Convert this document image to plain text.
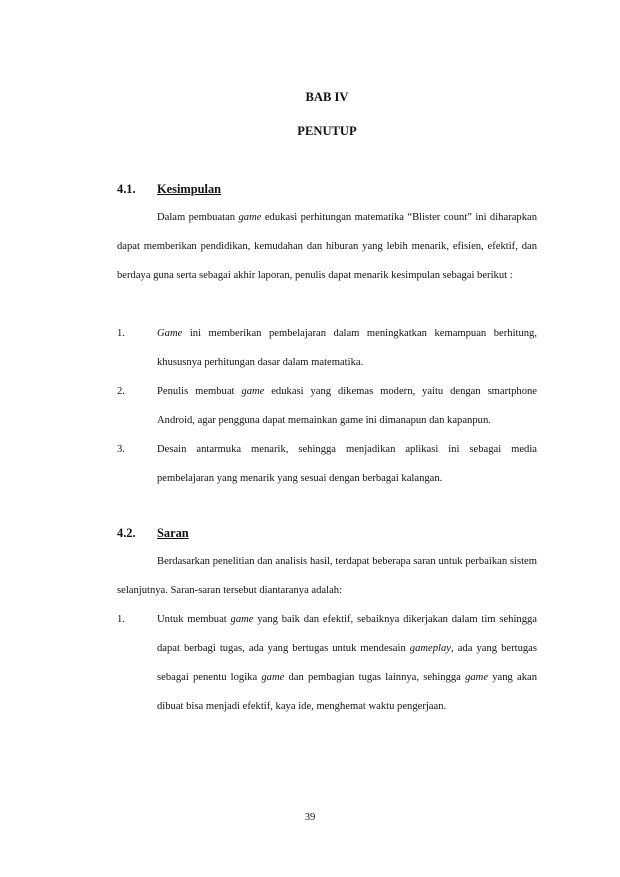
BAB IV
PENUTUP
4.1. Kesimpulan

Dalam pembuatan game edukasi perhitungan matematika “Blister count” ini diharapkan dapat memberikan pendidikan, kemudahan dan hiburan yang lebih menarik, efisien, efektif, dan berdaya guna serta sebagai akhir laporan, penulis dapat menarik kesimpulan sebagai berikut :

1.	Game ini memberikan pembelajaran dalam meningkatkan kemampuan berhitung, khususnya perhitungan dasar dalam matematika.
2.	Penulis membuat game edukasi yang dikemas modern, yaitu dengan smartphone Android, agar pengguna dapat memainkan game ini dimanapun dan kapanpun.
3.	Desain antarmuka menarik, sehingga menjadikan aplikasi ini sebagai media pembelajaran yang menarik yang sesuai dengan berbagai kalangan.
4.2. Saran

Berdasarkan penelitian dan analisis hasil, terdapat beberapa saran untuk perbaikan sistem selanjutnya. Saran-saran tersebut diantaranya adalah:

1.	Untuk membuat game yang baik dan efektif, sebaiknya dikerjakan dalam tim sehingga dapat berbagi tugas, ada yang bertugas untuk mendesain gameplay, ada yang bertugas sebagai penentu logika game dan pembagian tugas lainnya, sehingga game yang akan dibuat bisa menjadi efektif, kaya ide, menghemat waktu pengerjaan.

39
